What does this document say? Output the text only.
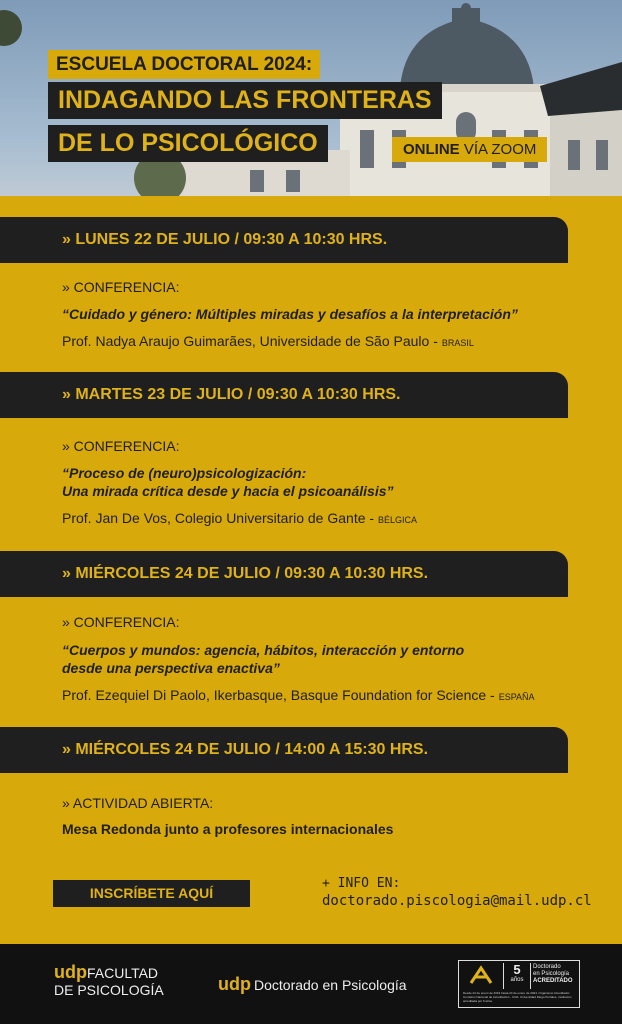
ESCUELA DOCTORAL 2024:
INDAGANDO LAS FRONTERAS
DE LO PSICOLÓGICO	ONLINE VÍA ZOOM
» LUNES 22 DE JULIO / 09:30 A 10:30 HRS.
» CONFERENCIA:
“Cuidado y género: Múltiples miradas y desafíos a la interpretación”
Prof. Nadya Araujo Guimarães, Universidade de São Paulo - BRASIL
» MARTES 23 DE JULIO / 09:30 A 10:30 HRS.
» CONFERENCIA:
“Proceso de (neuro)psicologización:
Una mirada crítica desde y hacia el psicoanálisis”
Prof. Jan De Vos, Colegio Universitario de Gante - BÉLGICA
» MIÉRCOLES 24 DE JULIO / 09:30 A 10:30 HRS.
» CONFERENCIA:
“Cuerpos y mundos: agencia, hábitos, interacción y entorno
desde una perspectiva enactiva”
Prof. Ezequiel Di Paolo, Ikerbasque, Basque Foundation for Science - ESPAÑA
» MIÉRCOLES 24 DE JULIO / 14:00 A 15:30 HRS.
» ACTIVIDAD ABIERTA:
Mesa Redonda junto a profesores internacionales
INSCRÍBETE AQUÍ
+ INFO EN:
doctorado.piscologia@mail.udp.cl
udpFACULTAD
DE PSICOLOGÍA	udp Doctorado en Psicología
5
años
Doctorado
en Psicología
ACREDITADO
Desde 24 de enero de 2019 hasta 24 de enero de 2024. Organismo Acreditador: Comisión Nacional de Acreditación - CNA. Universidad Diego Portales, institución acreditada por 6 años.
